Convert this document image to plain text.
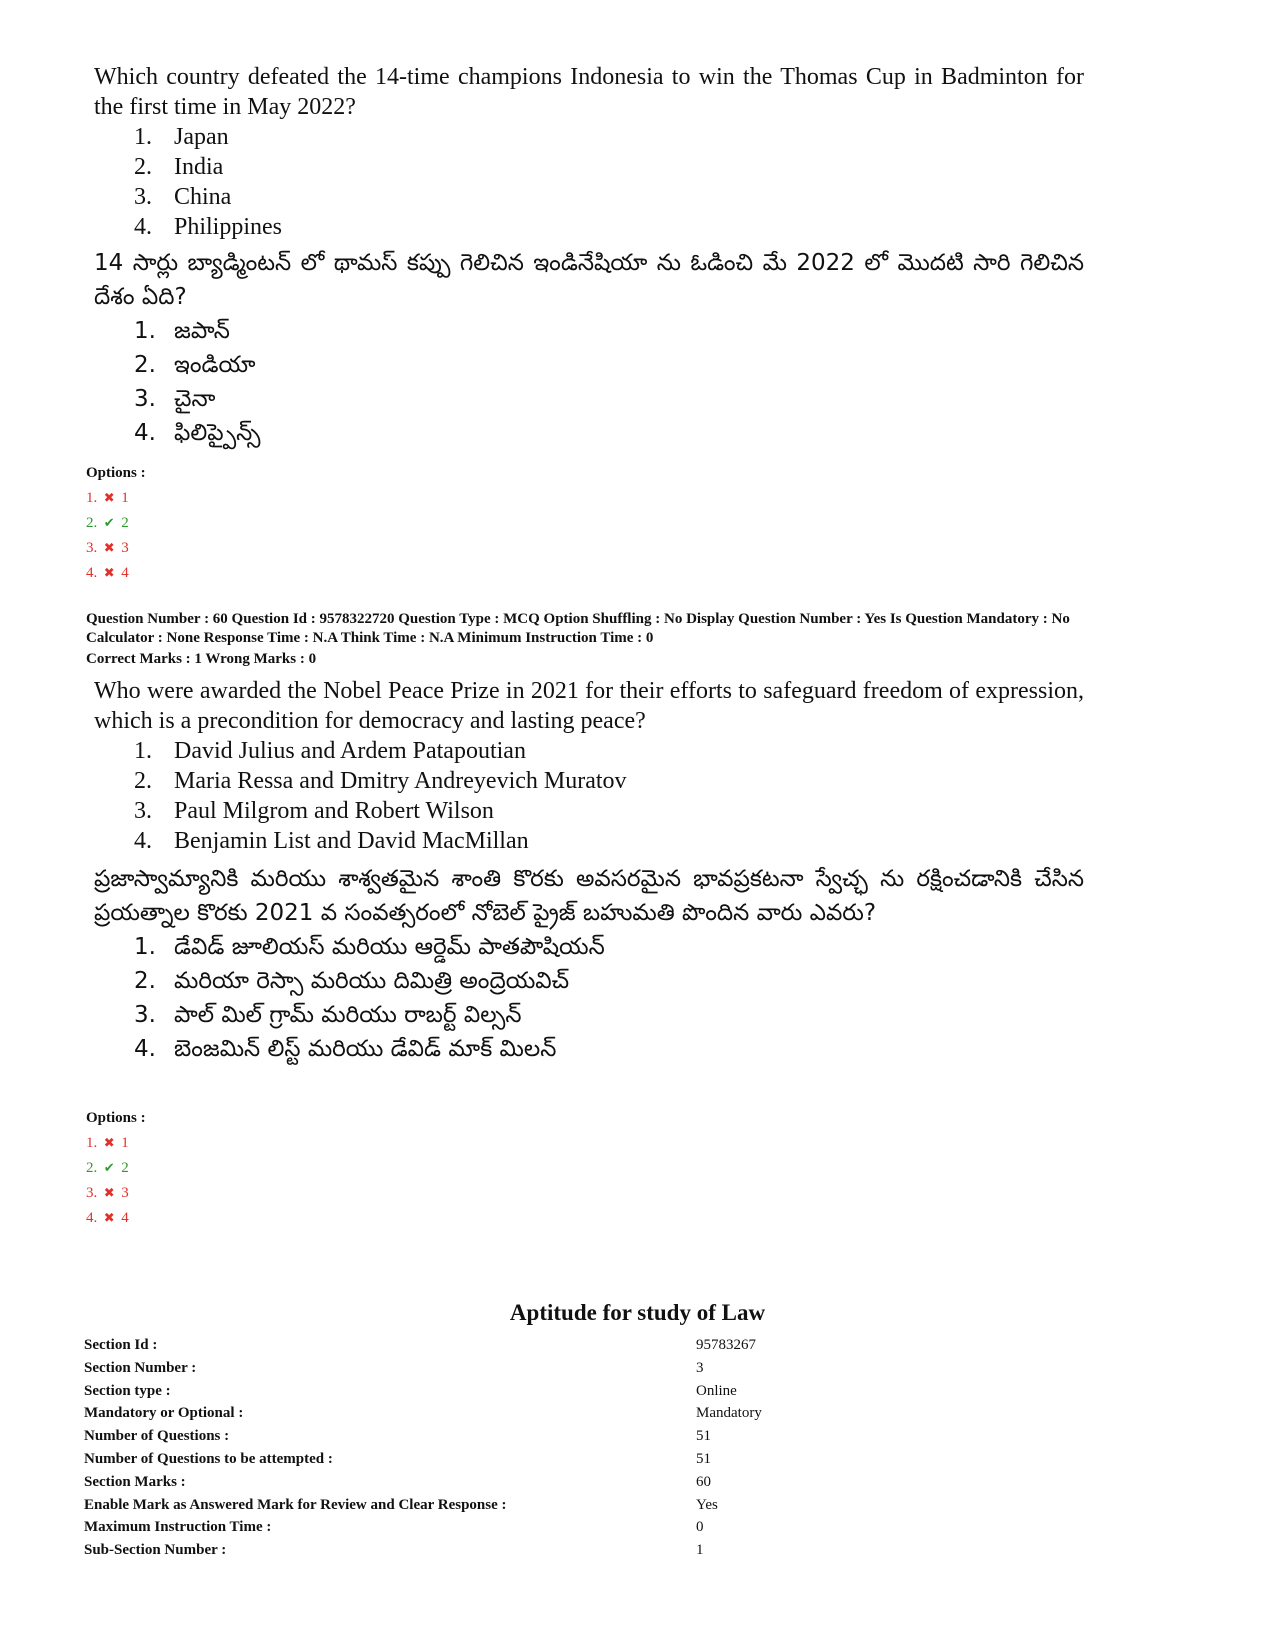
Which country defeated the 14-time champions Indonesia to win the Thomas Cup in Badminton for the first time in May 2022?

1. Japan
2. India
3. China
4. Philippines

14 సార్లు బ్యాడ్మింటన్ లో థామస్ కప్పు గెలిచిన ఇండినేషియా ను ఓడించి మే 2022 లో మొదటి సారి గెలిచిన దేశం ఏది?

1. జపాన్
2. ఇండియా
3. చైనా
4. ఫిలిప్పైన్స్
Options :
1. ✖ 1
2. ✔ 2
3. ✖ 3
4. ✖ 4
Question Number : 60 Question Id : 9578322720 Question Type : MCQ Option Shuffling : No Display Question Number : Yes Is Question Mandatory : No
Calculator : None Response Time : N.A Think Time : N.A Minimum Instruction Time : 0
Correct Marks : 1 Wrong Marks : 0

Who were awarded the Nobel Peace Prize in 2021 for their efforts to safeguard freedom of expression, which is a precondition for democracy and lasting peace?

1. David Julius and Ardem Patapoutian
2. Maria Ressa and Dmitry Andreyevich Muratov
3. Paul Milgrom and Robert Wilson
4. Benjamin List and David MacMillan

ప్రజాస్వామ్యానికి మరియు శాశ్వతమైన శాంతి కొరకు అవసరమైన భావప్రకటనా స్వేచ్ఛ ను రక్షించడానికి చేసిన ప్రయత్నాల కొరకు 2021 వ సంవత్సరంలో నోబెల్ ప్రైజ్ బహుమతి పొందిన వారు ఎవరు?

1. డేవిడ్ జూలియస్ మరియు ఆర్డెమ్ పాతపౌషియన్
2. మరియా రెస్సా మరియు దిమిత్రి అంద్రెయవిచ్
3. పాల్ మిల్ గ్రామ్ మరియు రాబర్ట్ విల్సన్
4. బెంజమిన్ లిస్ట్ మరియు డేవిడ్ మాక్ మిలన్
Options :
1. ✖ 1
2. ✔ 2
3. ✖ 3
4. ✖ 4
Aptitude for study of Law
Section Id :	95783267
Section Number :	3
Section type :	Online
Mandatory or Optional :	Mandatory
Number of Questions :	51
Number of Questions to be attempted :	51
Section Marks :	60
Enable Mark as Answered Mark for Review and Clear Response :	Yes
Maximum Instruction Time :	0
Sub-Section Number :	1
